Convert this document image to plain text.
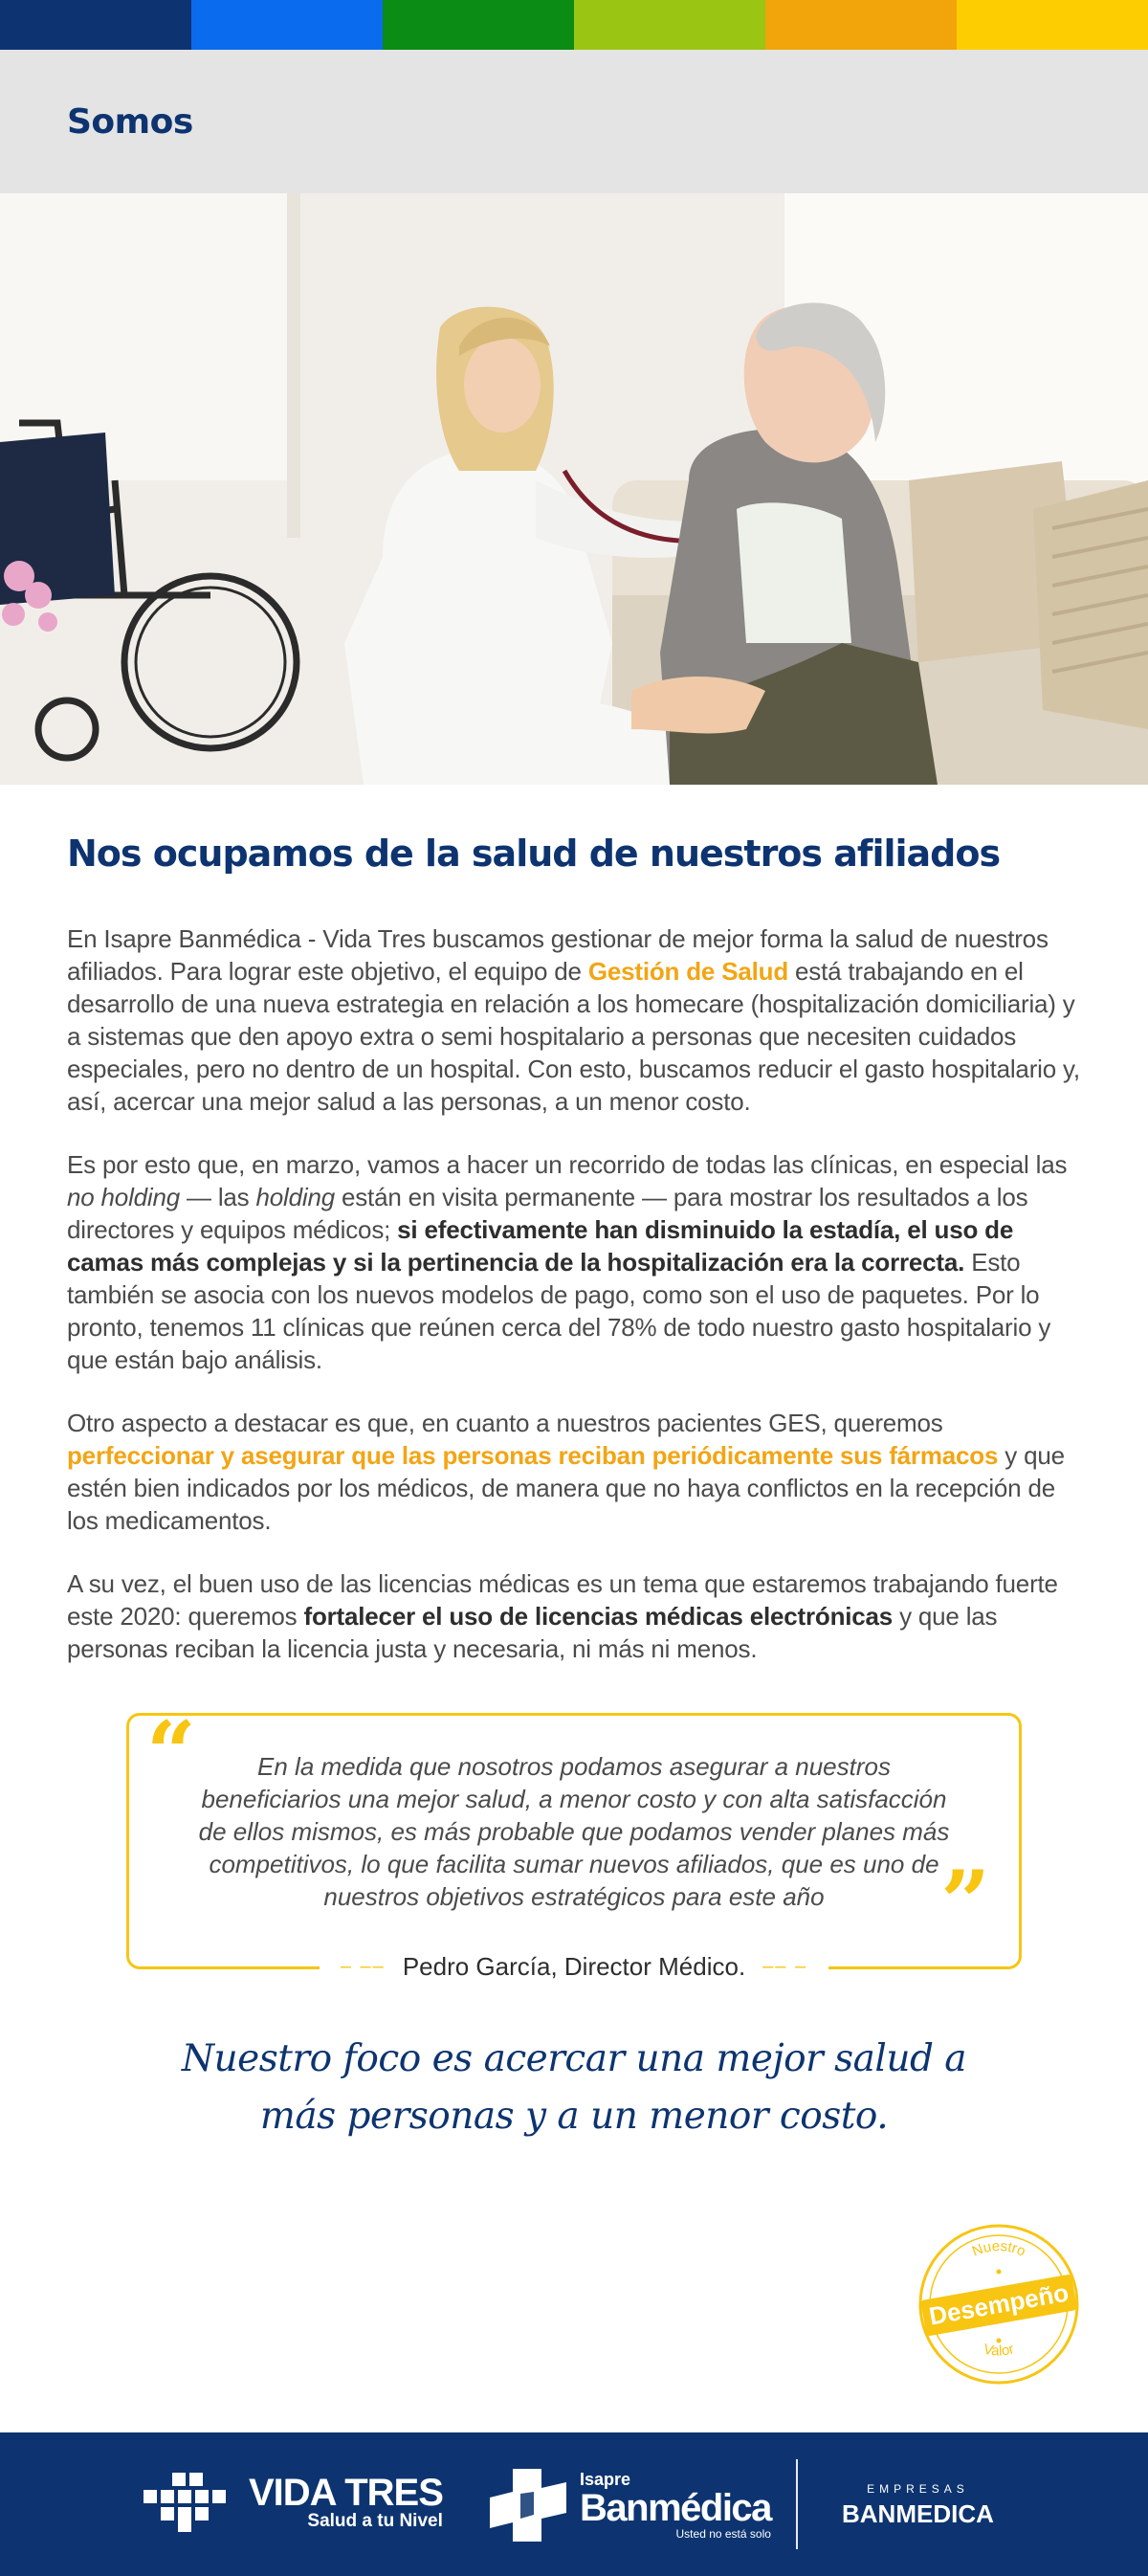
Somos
Nos ocupamos de la salud de nuestros afiliados

En Isapre Banmédica - Vida Tres buscamos gestionar de mejor forma la salud de nuestros afiliados. Para lograr este objetivo, el equipo de Gestión de Salud está trabajando en el desarrollo de una nueva estrategia en relación a los homecare (hospitalización domiciliaria) y a sistemas que den apoyo extra o semi hospitalario a personas que necesiten cuidados especiales, pero no dentro de un hospital. Con esto, buscamos reducir el gasto hospitalario y, así, acercar una mejor salud a las personas, a un menor costo.

Es por esto que, en marzo, vamos a hacer un recorrido de todas las clínicas, en especial las no holding — las holding están en visita permanente — para mostrar los resultados a los directores y equipos médicos; si efectivamente han disminuido la estadía, el uso de camas más complejas y si la pertinencia de la hospitalización era la correcta. Esto también se asocia con los nuevos modelos de pago, como son el uso de paquetes. Por lo pronto, tenemos 11 clínicas que reúnen cerca del 78% de todo nuestro gasto hospitalario y que están bajo análisis.

Otro aspecto a destacar es que, en cuanto a nuestros pacientes GES, queremos perfeccionar y asegurar que las personas reciban periódicamente sus fármacos y que estén bien indicados por los médicos, de manera que no haya conflictos en la recepción de los medicamentos.

A su vez, el buen uso de las licencias médicas es un tema que estaremos trabajando fuerte este 2020: queremos fortalecer el uso de licencias médicas electrónicas y que las personas reciban la licencia justa y necesaria, ni más ni menos.

“	En la medida que nosotros podamos asegurar a nuestros beneficiarios una mejor salud, a menor costo y con alta satisfacción de ellos mismos, es más probable que podamos vender planes más competitivos, lo que facilita sumar nuevos afiliados, que es uno de nuestros objetivos estratégicos para este año	”
‒ ‒‒ Pedro García, Director Médico. ‒‒ ‒
Nuestro foco es acercar una mejor salud a
más personas y a un menor costo.
Nuestro
Valor
Desempeño
VIDA TRES
Salud a tu Nivel
Isapre
Banmédica
Usted no está solo
EMPRESAS
BANMEDICA
